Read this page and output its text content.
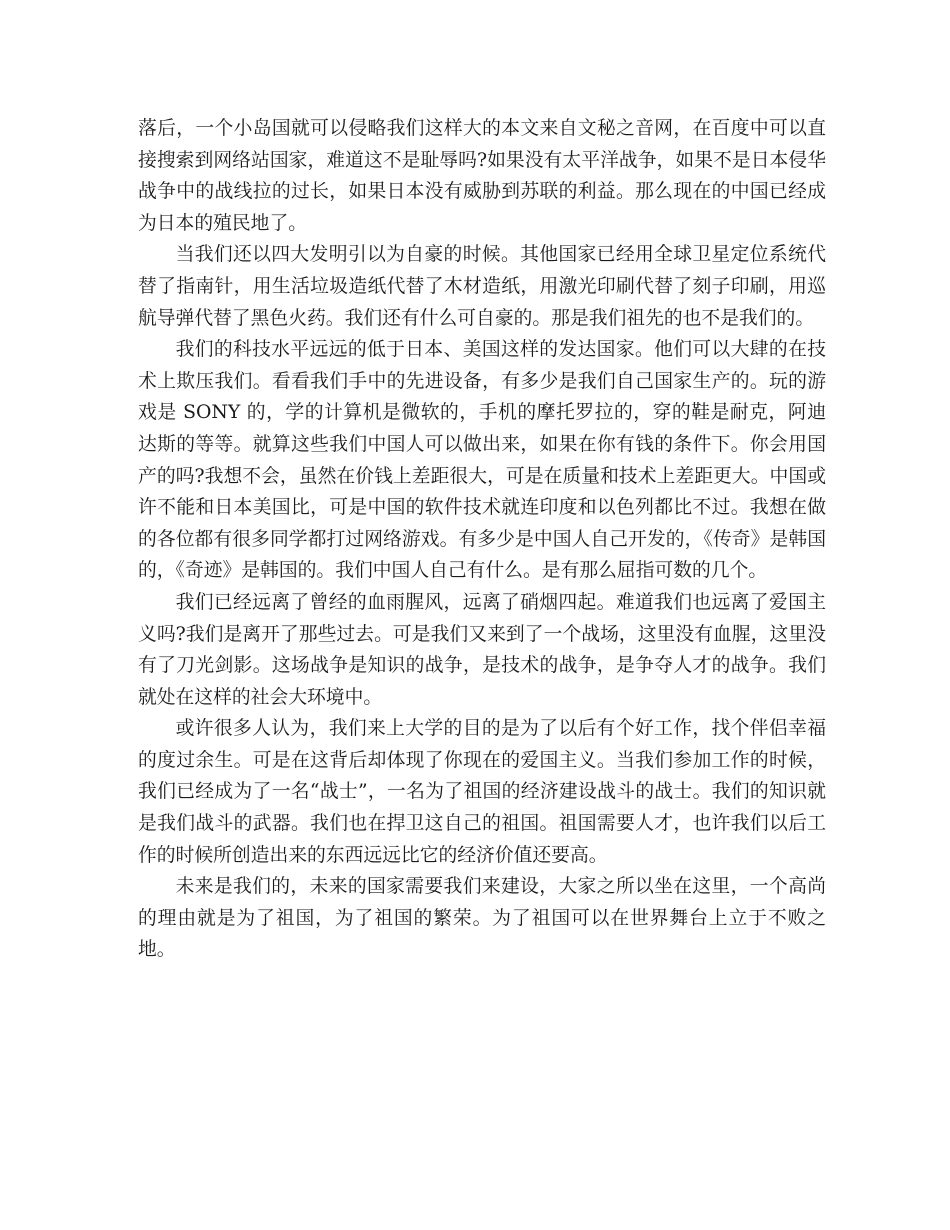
落后，一个小岛国就可以侵略我们这样大的本文来自文秘之音网，在百度中可以直接搜索到网络站国家，难道这不是耻辱吗?如果没有太平洋战争，如果不是日本侵华战争中的战线拉的过长，如果日本没有威胁到苏联的利益。那么现在的中国已经成为日本的殖民地了。

当我们还以四大发明引以为自豪的时候。其他国家已经用全球卫星定位系统代替了指南针，用生活垃圾造纸代替了木材造纸，用激光印刷代替了刻子印刷，用巡航导弹代替了黑色火药。我们还有什么可自豪的。那是我们祖先的也不是我们的。

我们的科技水平远远的低于日本、美国这样的发达国家。他们可以大肆的在技术上欺压我们。看看我们手中的先进设备，有多少是我们自己国家生产的。玩的游戏是 SONY 的，学的计算机是微软的，手机的摩托罗拉的，穿的鞋是耐克，阿迪达斯的等等。就算这些我们中国人可以做出来，如果在你有钱的条件下。你会用国产的吗?我想不会，虽然在价钱上差距很大，可是在质量和技术上差距更大。中国或许不能和日本美国比，可是中国的软件技术就连印度和以色列都比不过。我想在做的各位都有很多同学都打过网络游戏。有多少是中国人自己开发的，《传奇》是韩国的，《奇迹》是韩国的。我们中国人自己有什么。是有那么屈指可数的几个。

我们已经远离了曾经的血雨腥风，远离了硝烟四起。难道我们也远离了爱国主义吗?我们是离开了那些过去。可是我们又来到了一个战场，这里没有血腥，这里没有了刀光剑影。这场战争是知识的战争，是技术的战争，是争夺人才的战争。我们就处在这样的社会大环境中。

或许很多人认为，我们来上大学的目的是为了以后有个好工作，找个伴侣幸福的度过余生。可是在这背后却体现了你现在的爱国主义。当我们参加工作的时候，我们已经成为了一名“战士”，一名为了祖国的经济建设战斗的战士。我们的知识就是我们战斗的武器。我们也在捍卫这自己的祖国。祖国需要人才，也许我们以后工作的时候所创造出来的东西远远比它的经济价值还要高。

未来是我们的，未来的国家需要我们来建设，大家之所以坐在这里，一个高尚的理由就是为了祖国，为了祖国的繁荣。为了祖国可以在世界舞台上立于不败之地。
